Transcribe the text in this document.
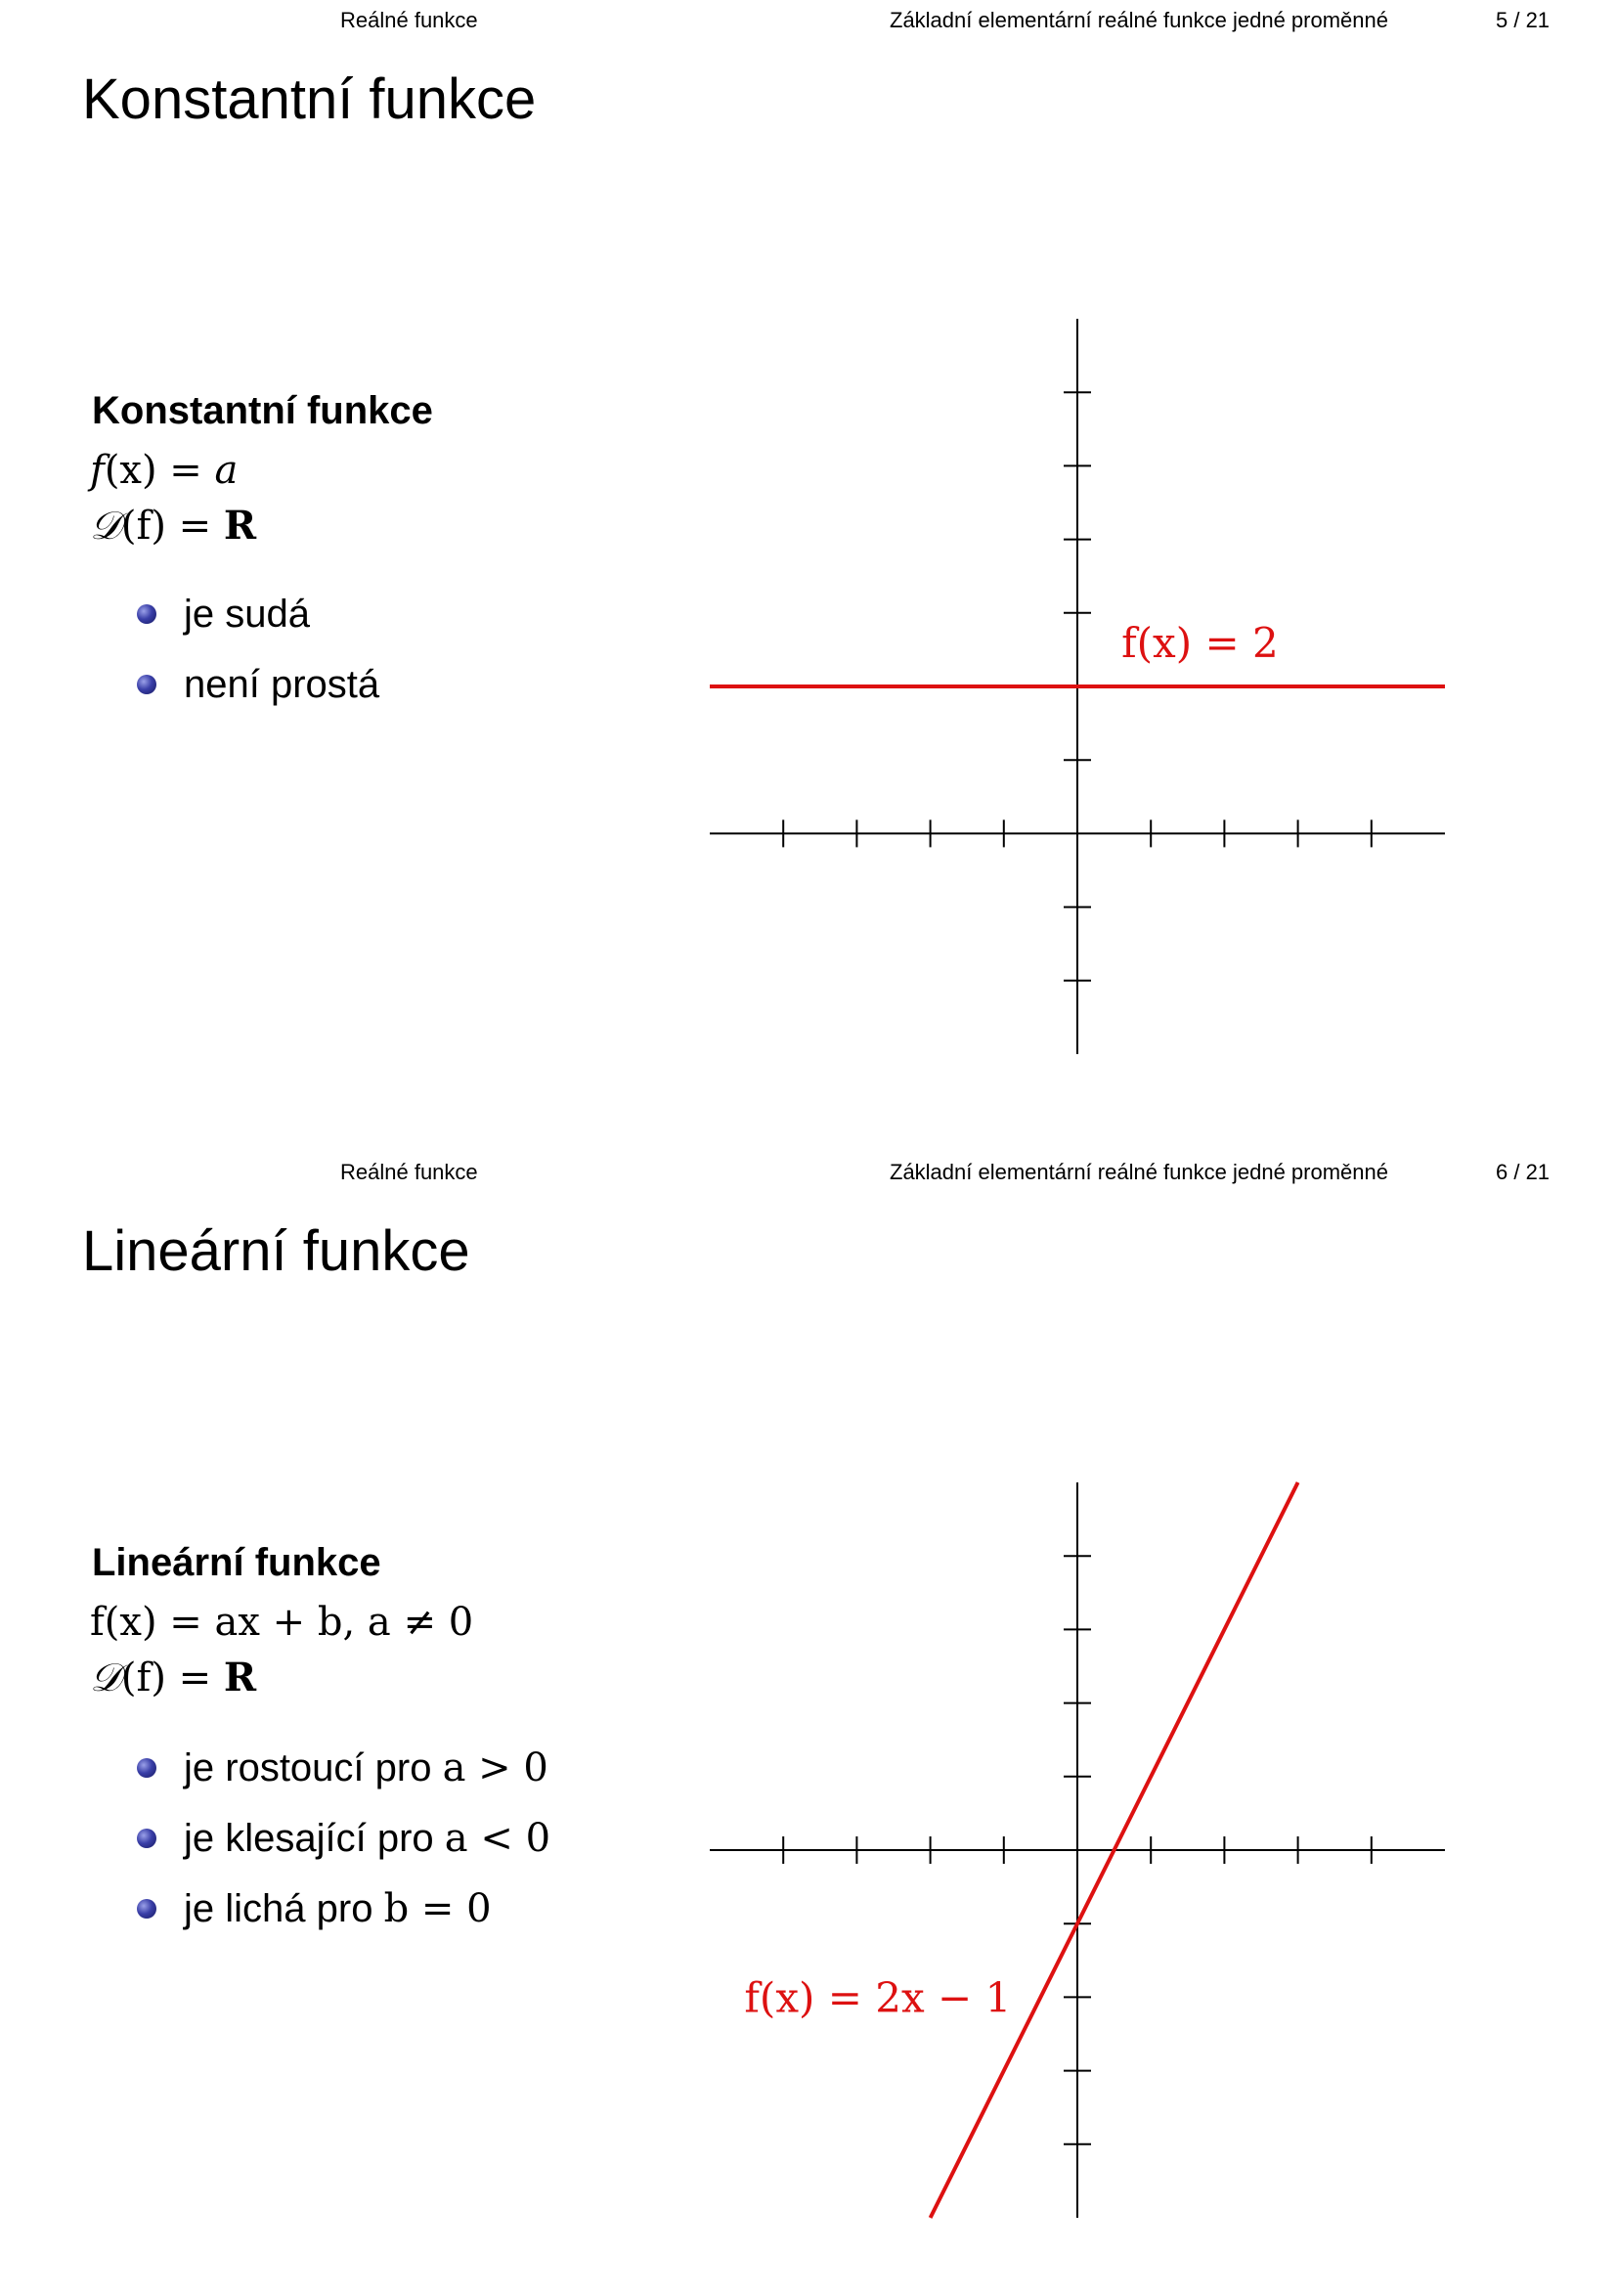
Reálné funkce	Základní elementární reálné funkce jedné proměnné	5 / 21
Konstantní funkce
Konstantní funkce
f(x) = a
𝒟(f) = R
je sudá
není prostá
f(x) = 2
Reálné funkce	Základní elementární reálné funkce jedné proměnné	6 / 21
Lineární funkce
Lineární funkce
f(x) = ax + b, a ≠ 0
𝒟(f) = R
je rostoucí pro a > 0
je klesající pro a < 0
je lichá pro b = 0
f(x) = 2x − 1
